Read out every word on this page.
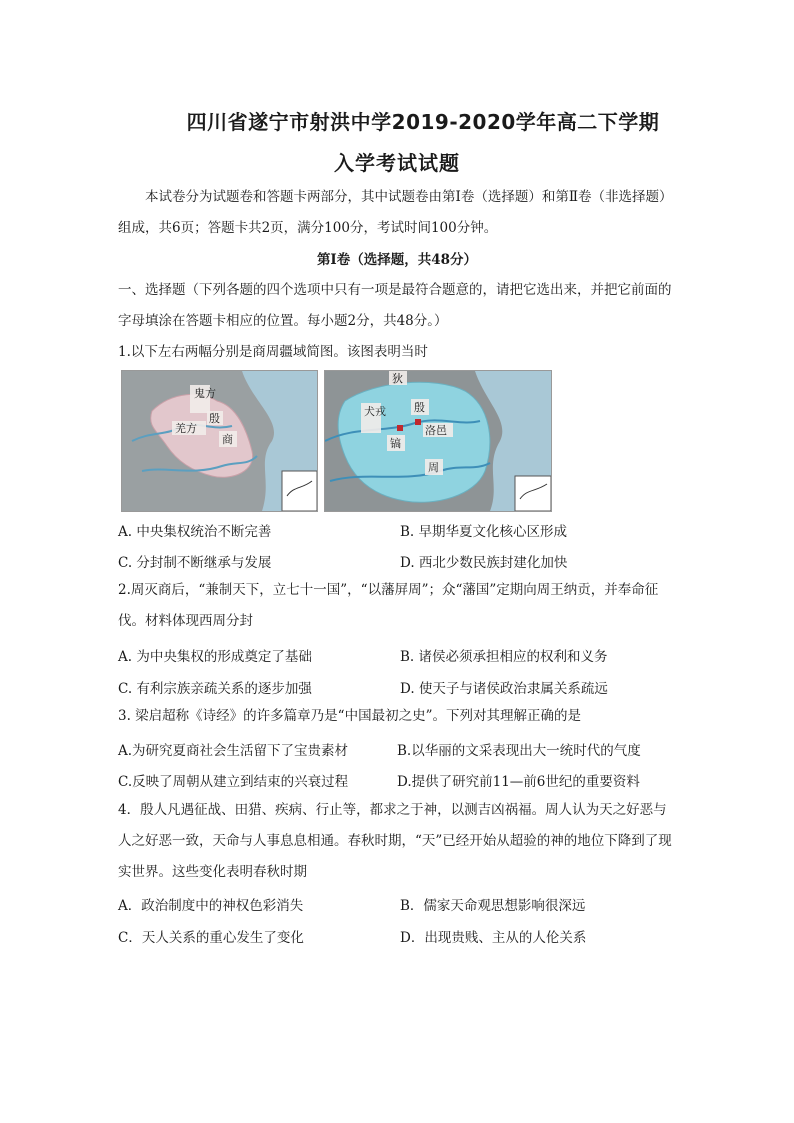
四川省遂宁市射洪中学2019-2020学年高二下学期
入学考试试题
本试卷分为试题卷和答题卡两部分，其中试题卷由第Ⅰ卷（选择题）和第Ⅱ卷（非选择题）组成，共6页；答题卡共2页，满分100分，考试时间100分钟。
第Ⅰ卷（选择题，共48分）
一、选择题（下列各题的四个选项中只有一项是最符合题意的，请把它选出来，并把它前面的字母填涂在答题卡相应的位置。每小题2分，共48分。）
1.以下左右两幅分别是商周疆域简图。该图表明当时
鬼方
羌方
殷
商
狄
犬戎	殷
洛邑
镐
周
A. 中央集权统治不断完善	B. 早期华夏文化核心区形成
C. 分封制不断继承与发展	D. 西北少数民族封建化加快
2.周灭商后，“兼制天下，立七十一国”，“以藩屏周”；众“藩国”定期向周王纳贡，并奉命征伐。材料体现西周分封
A. 为中央集权的形成奠定了基础	B. 诸侯必须承担相应的权利和义务
C. 有利宗族亲疏关系的逐步加强	D. 使天子与诸侯政治隶属关系疏远
3. 梁启超称《诗经》的许多篇章乃是“中国最初之史”。下列对其理解正确的是
A.为研究夏商社会生活留下了宝贵素材	B.以华丽的文采表现出大一统时代的气度
C.反映了周朝从建立到结束的兴衰过程	D.提供了研究前11—前6世纪的重要资料
4．殷人凡遇征战、田猎、疾病、行止等，都求之于神，以测吉凶祸福。周人认为天之好恶与人之好恶一致，天命与人事息息相通。春秋时期，“天”已经开始从超验的神的地位下降到了现实世界。这些变化表明春秋时期
A．政治制度中的神权色彩消失	B．儒家天命观思想影响很深远
C．天人关系的重心发生了变化	D．出现贵贱、主从的人伦关系
